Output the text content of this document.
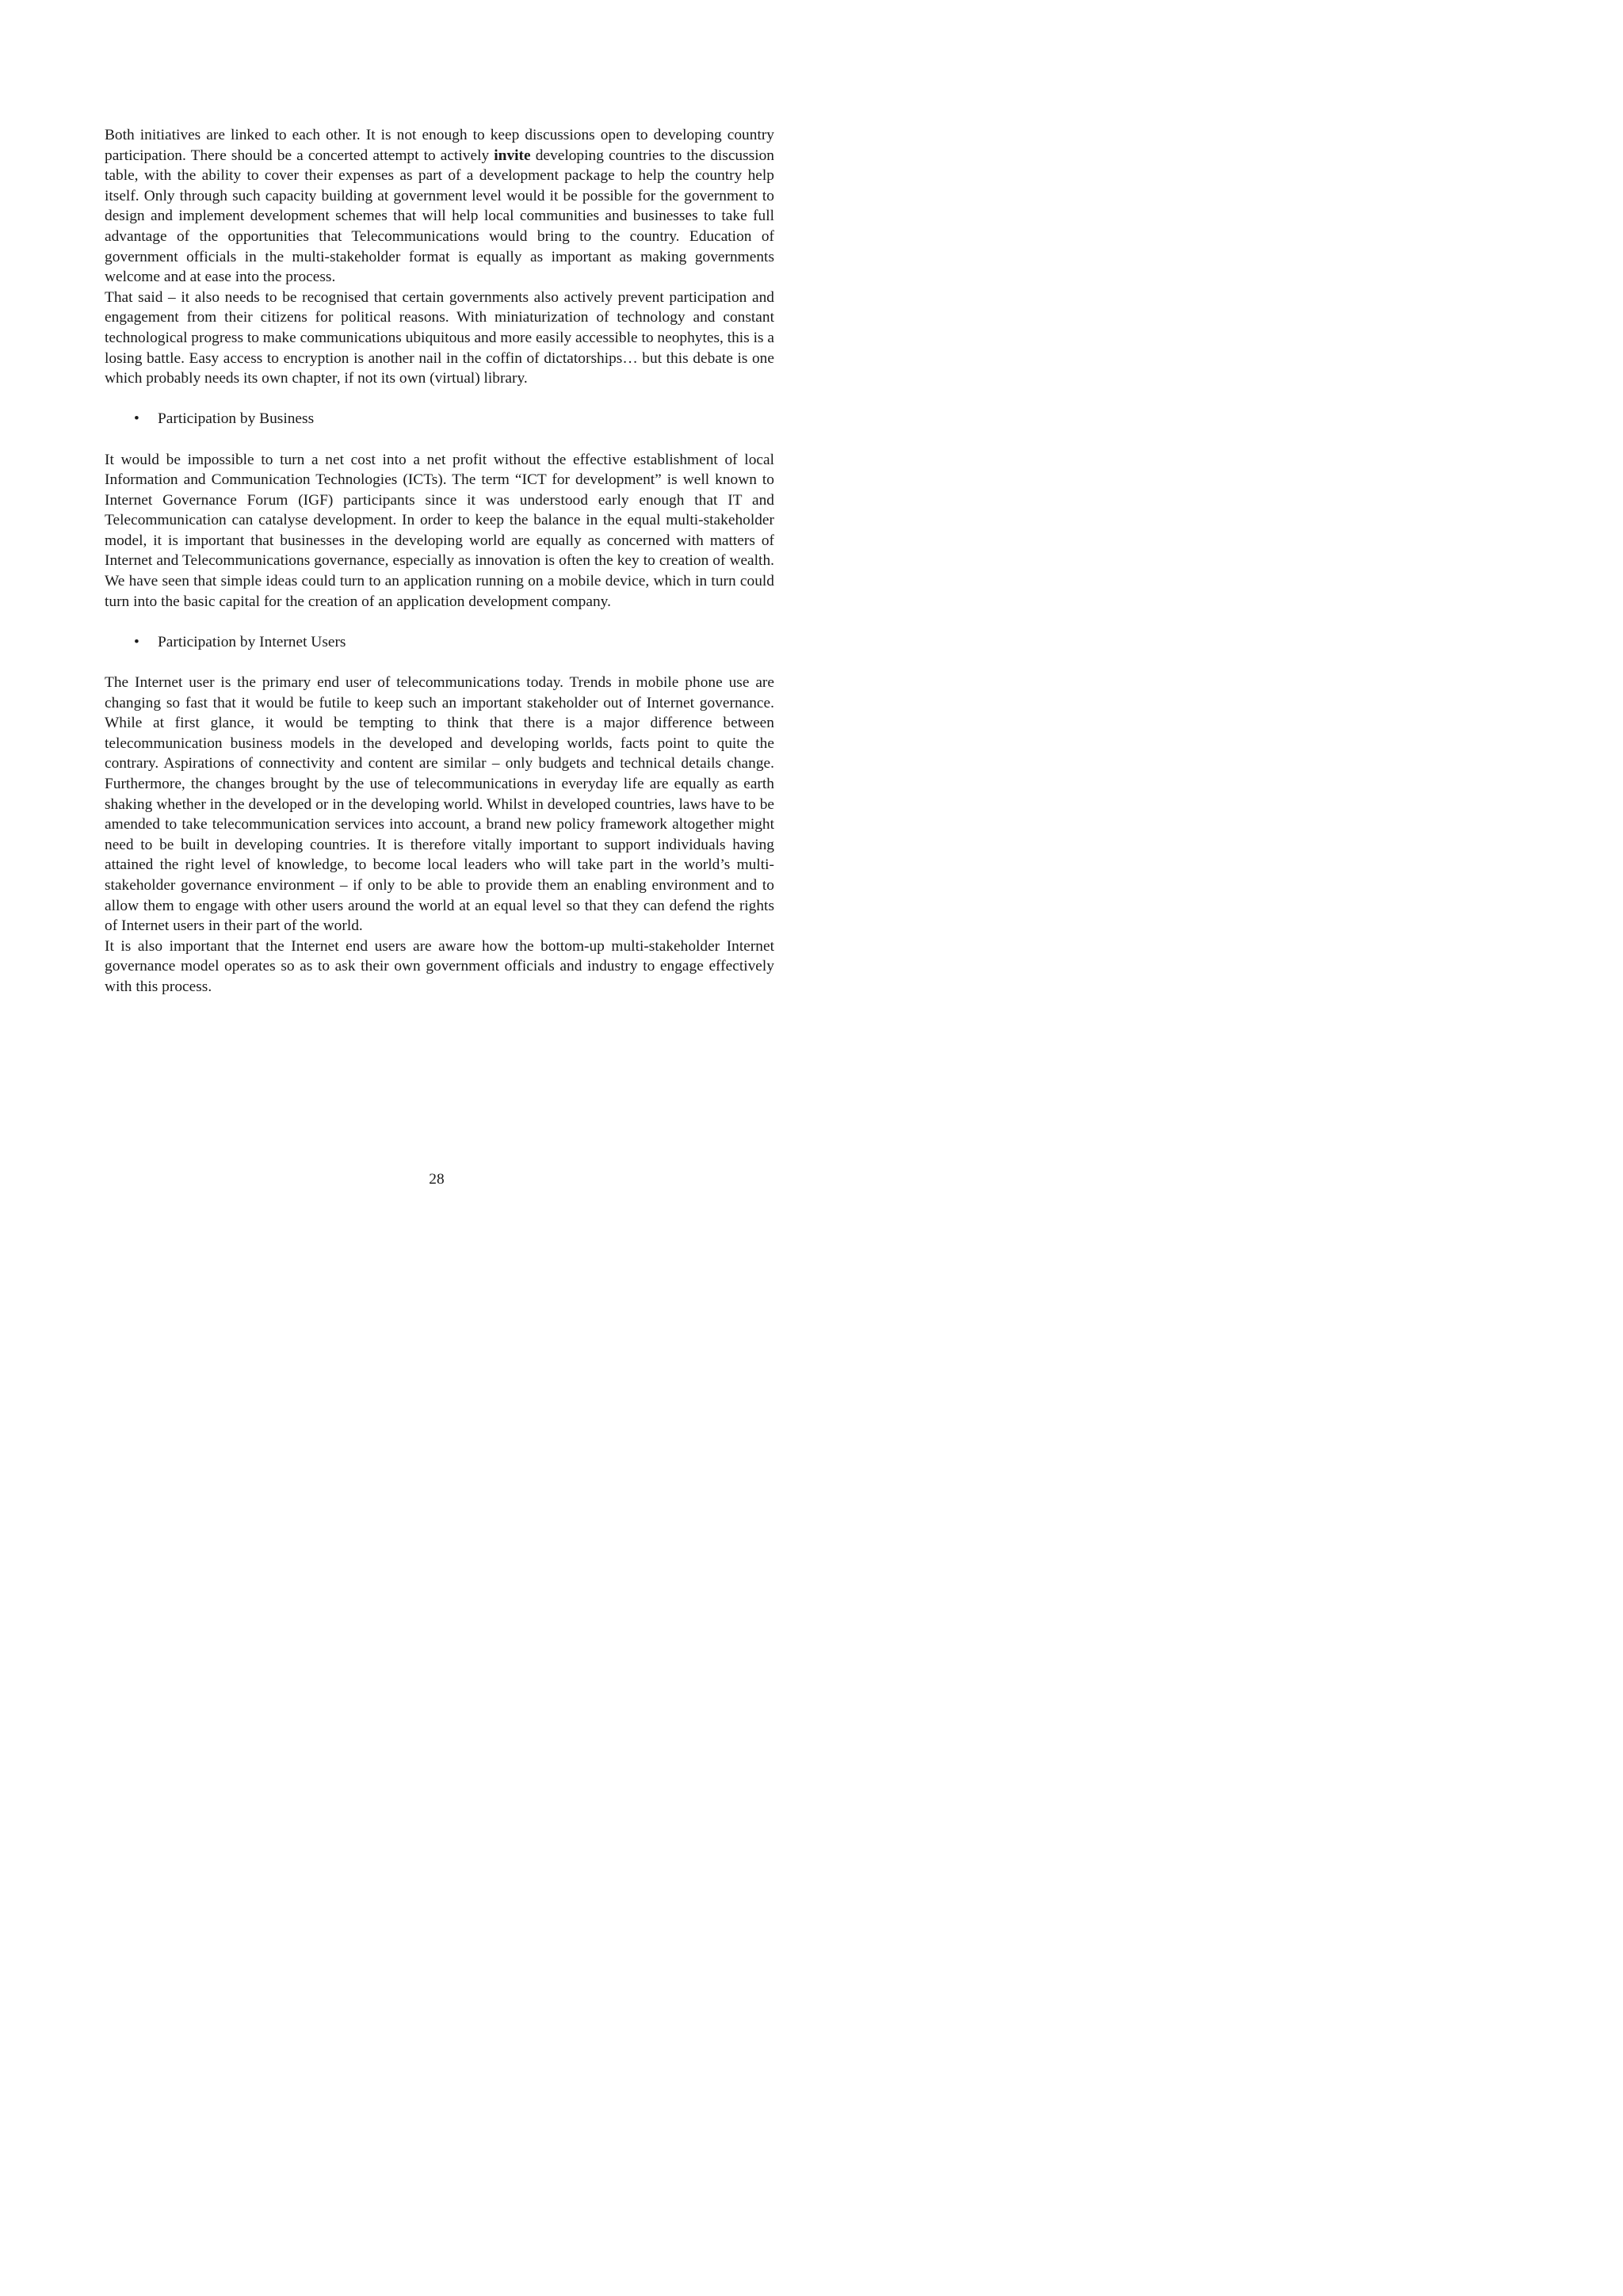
Both initiatives are linked to each other. It is not enough to keep discussions open to developing country participation. There should be a concerted attempt to actively invite developing countries to the discussion table, with the ability to cover their expenses as part of a development package to help the country help itself. Only through such capacity building at government level would it be possible for the government to design and implement development schemes that will help local communities and businesses to take full advantage of the opportunities that Telecommunications would bring to the country. Education of government officials in the multi-stakeholder format is equally as important as making governments welcome and at ease into the process.

That said – it also needs to be recognised that certain governments also actively prevent participation and engagement from their citizens for political reasons. With miniaturization of technology and constant technological progress to make communications ubiquitous and more easily accessible to neophytes, this is a losing battle. Easy access to encryption is another nail in the coffin of dictatorships… but this debate is one which probably needs its own chapter, if not its own (virtual) library.

•	Participation by Business

It would be impossible to turn a net cost into a net profit without the effective establishment of local Information and Communication Technologies (ICTs). The term “ICT for development” is well known to Internet Governance Forum (IGF) participants since it was understood early enough that IT and Telecommunication can catalyse development. In order to keep the balance in the equal multi-stakeholder model, it is important that businesses in the developing world are equally as concerned with matters of Internet and Telecommunications governance, especially as innovation is often the key to creation of wealth. We have seen that simple ideas could turn to an application running on a mobile device, which in turn could turn into the basic capital for the creation of an application development company.

•	Participation by Internet Users

The Internet user is the primary end user of telecommunications today. Trends in mobile phone use are changing so fast that it would be futile to keep such an important stakeholder out of Internet governance. While at first glance, it would be tempting to think that there is a major difference between telecommunication business models in the developed and developing worlds, facts point to quite the contrary. Aspirations of connectivity and content are similar – only budgets and technical details change. Furthermore, the changes brought by the use of telecommunications in everyday life are equally as earth shaking whether in the developed or in the developing world. Whilst in developed countries, laws have to be amended to take telecommunication services into account, a brand new policy framework altogether might need to be built in developing countries. It is therefore vitally important to support individuals having attained the right level of knowledge, to become local leaders who will take part in the world’s multi-stakeholder governance environment – if only to be able to provide them an enabling environment and to allow them to engage with other users around the world at an equal level so that they can defend the rights of Internet users in their part of the world.

It is also important that the Internet end users are aware how the bottom-up multi-stakeholder Internet governance model operates so as to ask their own government officials and industry to engage effectively with this process.

28
